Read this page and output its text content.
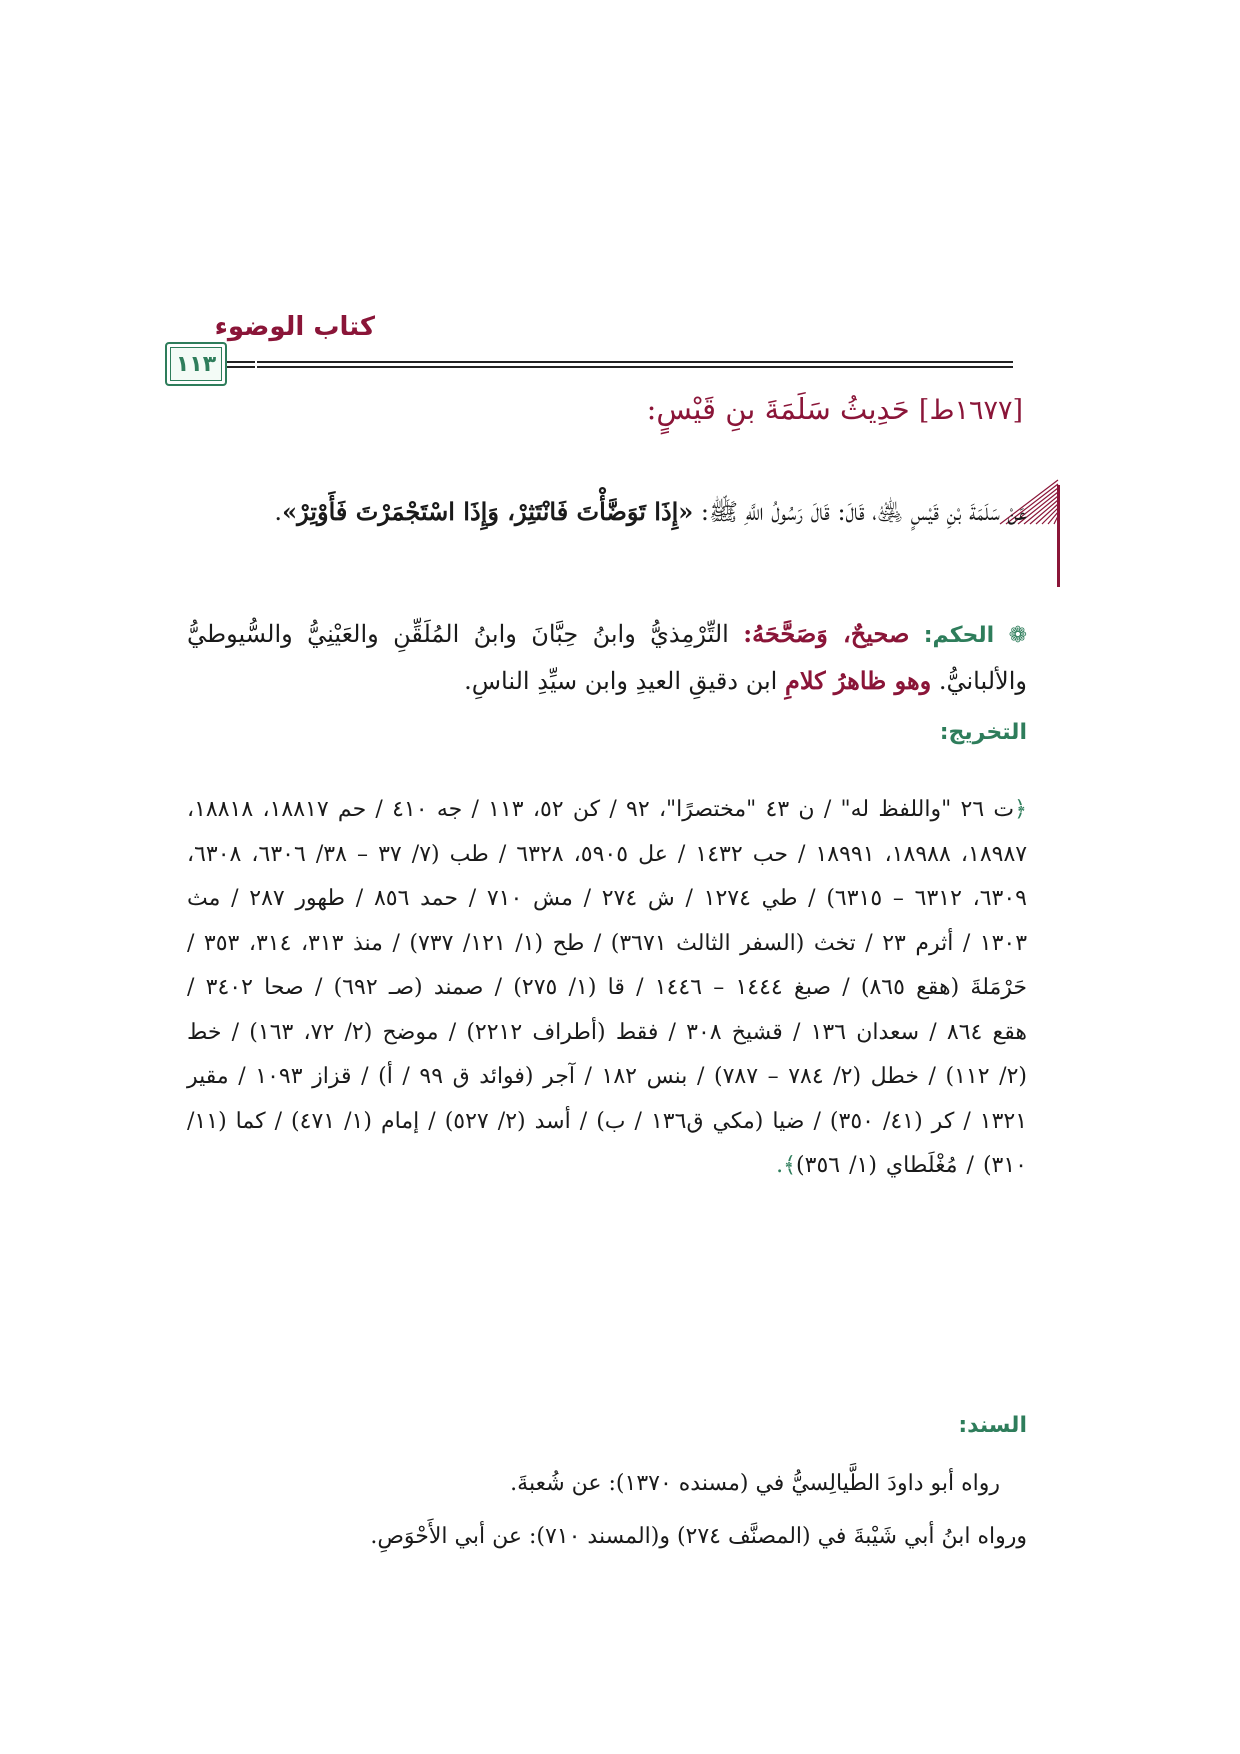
كتاب الوضوء
١١٣
[١٦٧٧ط] حَدِيثُ سَلَمَةَ بنِ قَيْسٍ:
عَنْ سَلَمَةَ بْنِ قَيْسٍ ﵁، قَالَ: قَالَ رَسُولُ اللَّهِ ﷺ: «إِذَا تَوَضَّأْتَ فَانْتَثِرْ، وَإِذَا اسْتَجْمَرْتَ فَأَوْتِرْ».
❁ الحكم: صحيحٌ، وَصَحَّحَهُ: التِّرْمِذيُّ وابنُ حِبَّانَ وابنُ المُلَقِّنِ والعَيْنِيُّ والسُّيوطيُّ والألبانيُّ. وهو ظاهرُ كلامِ ابن دقيقِ العيدِ وابن سيِّدِ الناسِ.
التخريج:
﴿ت ٢٦ "واللفظ له" / ن ٤٣ "مختصرًا"، ٩٢ / كن ٥٢، ١١٣ / جه ٤١٠ / حم ١٨٨١٧، ١٨٨١٨، ١٨٩٨٧، ١٨٩٨٨، ١٨٩٩١ / حب ١٤٣٢ / عل ٥٩٠٥، ٦٣٢٨ / طب (٧/ ٣٧ – ٣٨/ ٦٣٠٦، ٦٣٠٨، ٦٣٠٩، ٦٣١٢ – ٦٣١٥) / طي ١٢٧٤ / ش ٢٧٤ / مش ٧١٠ / حمد ٨٥٦ / طهور ٢٨٧ / مث ١٣٠٣ / أثرم ٢٣ / تخث (السفر الثالث ٣٦٧١) / طح (١/ ١٢١/ ٧٣٧) / منذ ٣١٣، ٣١٤، ٣٥٣ / حَرْمَلةَ (هقع ٨٦٥) / صبغ ١٤٤٤ – ١٤٤٦ / قا (١/ ٢٧٥) / صمند (صـ ٦٩٢) / صحا ٣٤٠٢ / هقع ٨٦٤ / سعدان ١٣٦ / قشيخ ٣٠٨ / فقط (أطراف ٢٢١٢) / موضح (٢/ ٧٢، ١٦٣) / خط (٢/ ١١٢) / خطل (٢/ ٧٨٤ – ٧٨٧) / بنس ١٨٢ / آجر (فوائد ق ٩٩ / أ) / قزاز ١٠٩٣ / مقير ١٣٢١ / كر (٤١/ ٣٥٠) / ضيا (مكي ق١٣٦ / ب) / أسد (٢/ ٥٢٧) / إمام (١/ ٤٧١) / كما (١١/ ٣١٠) / مُغْلَطاي (١/ ٣٥٦)﴾.
السند:
رواه أبو داودَ الطَّيالِسيُّ في (مسنده ١٣٧٠): عن شُعبةَ.
ورواه ابنُ أبي شَيْبةَ في (المصنَّف ٢٧٤) و(المسند ٧١٠): عن أبي الأَحْوَصِ.
